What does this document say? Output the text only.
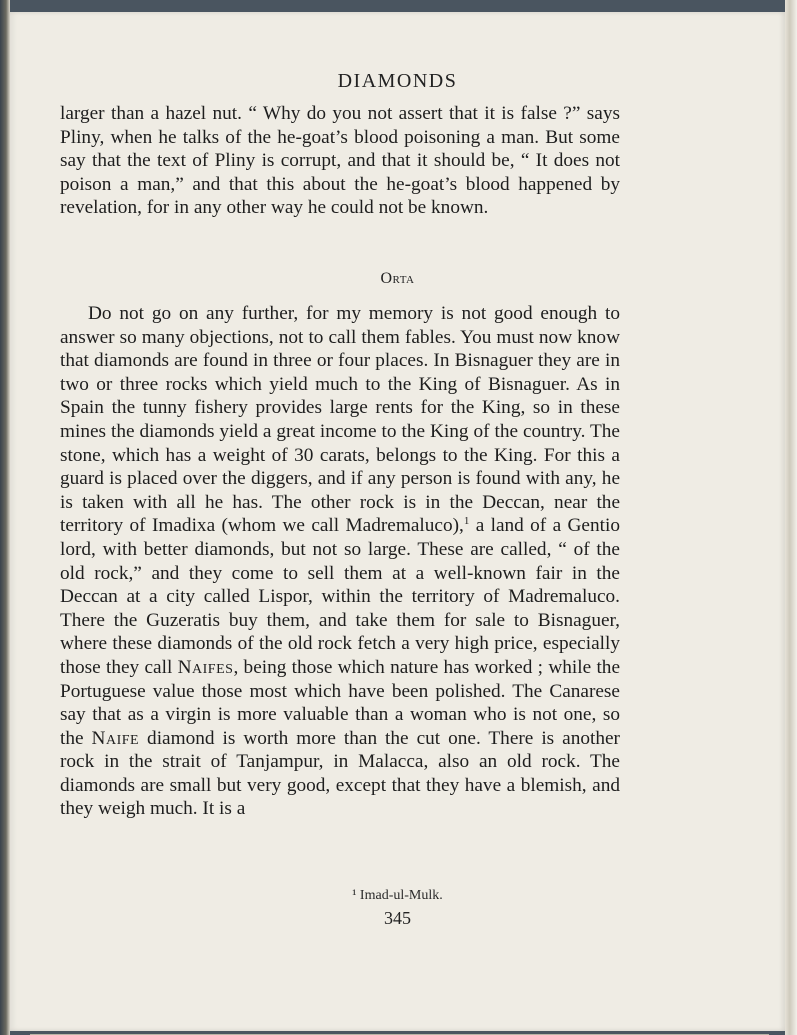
DIAMONDS

larger than a hazel nut. “ Why do you not assert that it is false ?” says Pliny, when he talks of the he-goat’s blood poisoning a man. But some say that the text of Pliny is corrupt, and that it should be, “ It does not poison a man,” and that this about the he-goat’s blood happened by revelation, for in any other way he could not be known.

Orta

Do not go on any further, for my memory is not good enough to answer so many objections, not to call them fables. You must now know that diamonds are found in three or four places. In Bisnaguer they are in two or three rocks which yield much to the King of Bisnaguer. As in Spain the tunny fishery provides large rents for the King, so in these mines the diamonds yield a great income to the King of the country. The stone, which has a weight of 30 carats, belongs to the King. For this a guard is placed over the diggers, and if any person is found with any, he is taken with all he has. The other rock is in the Deccan, near the territory of Imadixa (whom we call Madremaluco),$^1$ a land of a Gentio lord, with better diamonds, but not so large. These are called, “ of the old rock,” and they come to sell them at a well-known fair in the Deccan at a city called Lispor, within the territory of Madremaluco. There the Guzeratis buy them, and take them for sale to Bisnaguer, where these diamonds of the old rock fetch a very high price, especially those they call Naifes, being those which nature has worked ; while the Portuguese value those most which have been polished. The Canarese say that as a virgin is more valuable than a woman who is not one, so the Naife diamond is worth more than the cut one. There is another rock in the strait of Tanjampur, in Malacca, also an old rock. The diamonds are small but very good, except that they have a blemish, and they weigh much. It is a

¹ Imad-ul-Mulk.
345
